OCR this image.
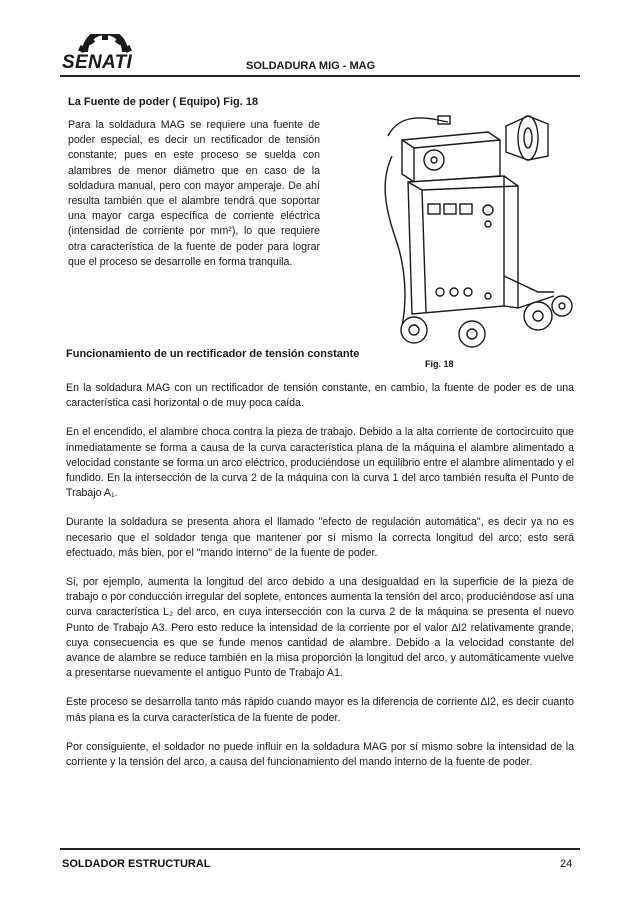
SENATI	SOLDADURA MIG - MAG
La Fuente de poder ( Equipo) Fig. 18

Para la soldadura MAG se requiere una fuente de poder especial, es decir un rectificador de tensión constante; pues en este proceso se suelda con alambres de menor diámetro que en caso de la soldadura manual, pero con mayor amperaje. De ahí resulta también que el alambre tendrá que soportar una mayor carga específica de corriente eléctrica (intensidad de corriente por mm²), lo que requiere otra característica de la fuente de poder para lograr que el proceso se desarrolle en forma tranquila.

Fig. 18
Funcionamiento de un rectificador de tensión constante

En la soldadura MAG con un rectificador de tensión constante, en cambio, la fuente de poder es de una característica casi horizontal o de muy poca caída.

En el encendido, el alambre choca contra la pieza de trabajo. Debido a la alta corriente de cortocircuito que inmediatamente se forma a causa de la curva característica plana de la máquina el alambre alimentado a velocidad constante se forma un arco eléctrico, produciéndose un equilibrio entre el alambre alimentado y el fundido. En la intersección de la curva 2 de la máquina con la curva 1 del arco también resulta el Punto de Trabajo A₁.

Durante la soldadura se presenta ahora el llamado "efecto de regulación automática", es decir ya no es necesario que el soldador tenga que mantener por sí mismo la correcta longitud del arco; esto será efectuado, más bien, por el "mando interno" de la fuente de poder.

Si, por ejemplo, aumenta la longitud del arco debido a una desigualdad en la superficie de la pieza de trabajo o por conducción irregular del soplete, entonces aumenta la tensión del arco, produciéndose así una curva característica L₂ del arco, en cuya intersección con la curva 2 de la máquina se presenta el nuevo Punto de Trabajo A3. Pero esto reduce la intensidad de la corriente por el valor ∆I2 relativamente grande, cuya consecuencia es que se funde menos cantidad de alambre. Debido a la velocidad constante del avance de alambre se reduce también en la misa proporción la longitud del arco, y automáticamente vuelve a presentarse nuevamente el antiguo Punto de Trabajo A1.

Este proceso se desarrolla tanto más rápido cuando mayor es la diferencia de corriente ∆I2, es decir cuanto más plana es la curva característica de la fuente de poder.

Por consiguiente, el soldador no puede influir en la soldadura MAG por sí mismo sobre la intensidad de la corriente y la tensión del arco, a causa del funcionamiento del mando interno de la fuente de poder.

SOLDADOR ESTRUCTURAL	24
